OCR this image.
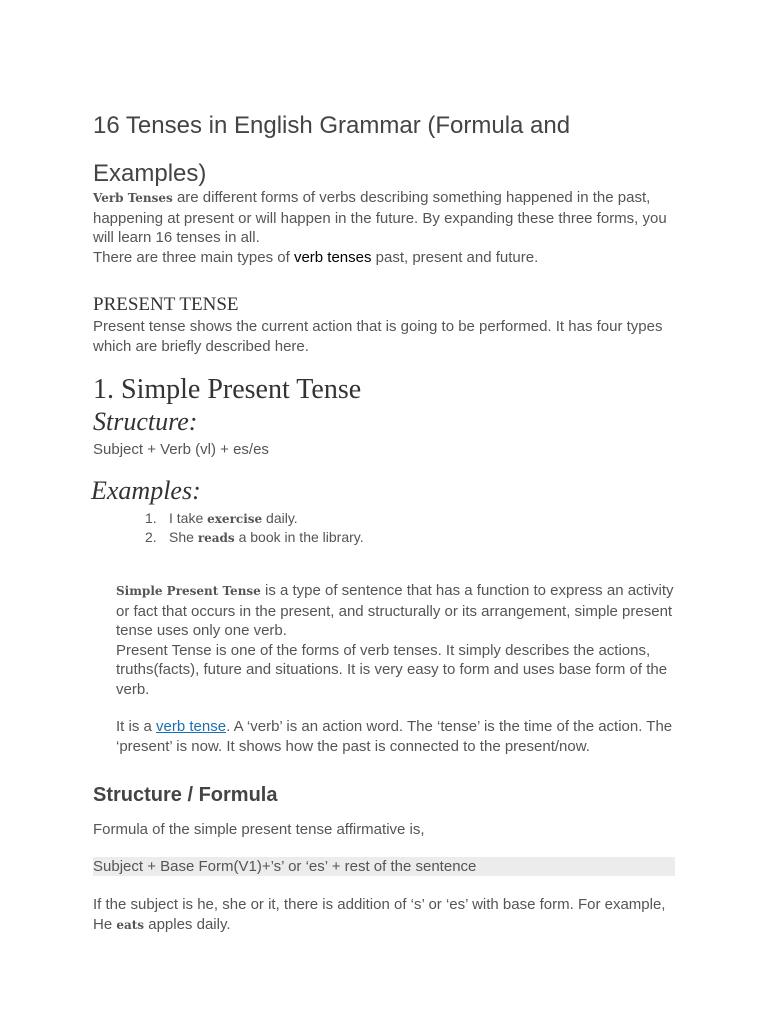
16 Tenses in English Grammar (Formula and Examples)

Verb Tenses are different forms of verbs describing something happened in the past, happening at present or will happen in the future. By expanding these three forms, you will learn 16 tenses in all.

There are three main types of verb tenses past, present and future.

PRESENT TENSE

Present tense shows the current action that is going to be performed. It has four types which are briefly described here.

1. Simple Present Tense
Structure:

Subject + Verb (vl) + es/es

Examples:
1. I take exercise daily.
2. She reads a book in the library.

Simple Present Tense is a type of sentence that has a function to express an activity or fact that occurs in the present, and structurally or its arrangement, simple present tense uses only one verb.

Present Tense is one of the forms of verb tenses. It simply describes the actions, truths(facts), future and situations. It is very easy to form and uses base form of the verb.

It is a verb tense. A ‘verb’ is an action word. The ‘tense’ is the time of the action. The ‘present’ is now. It shows how the past is connected to the present/now.

Structure / Formula

Formula of the simple present tense affirmative is,

Subject + Base Form(V1)+’s’ or ‘es’ + rest of the sentence

If the subject is he, she or it, there is addition of ‘s’ or ‘es’ with base form. For example, He eats apples daily.
